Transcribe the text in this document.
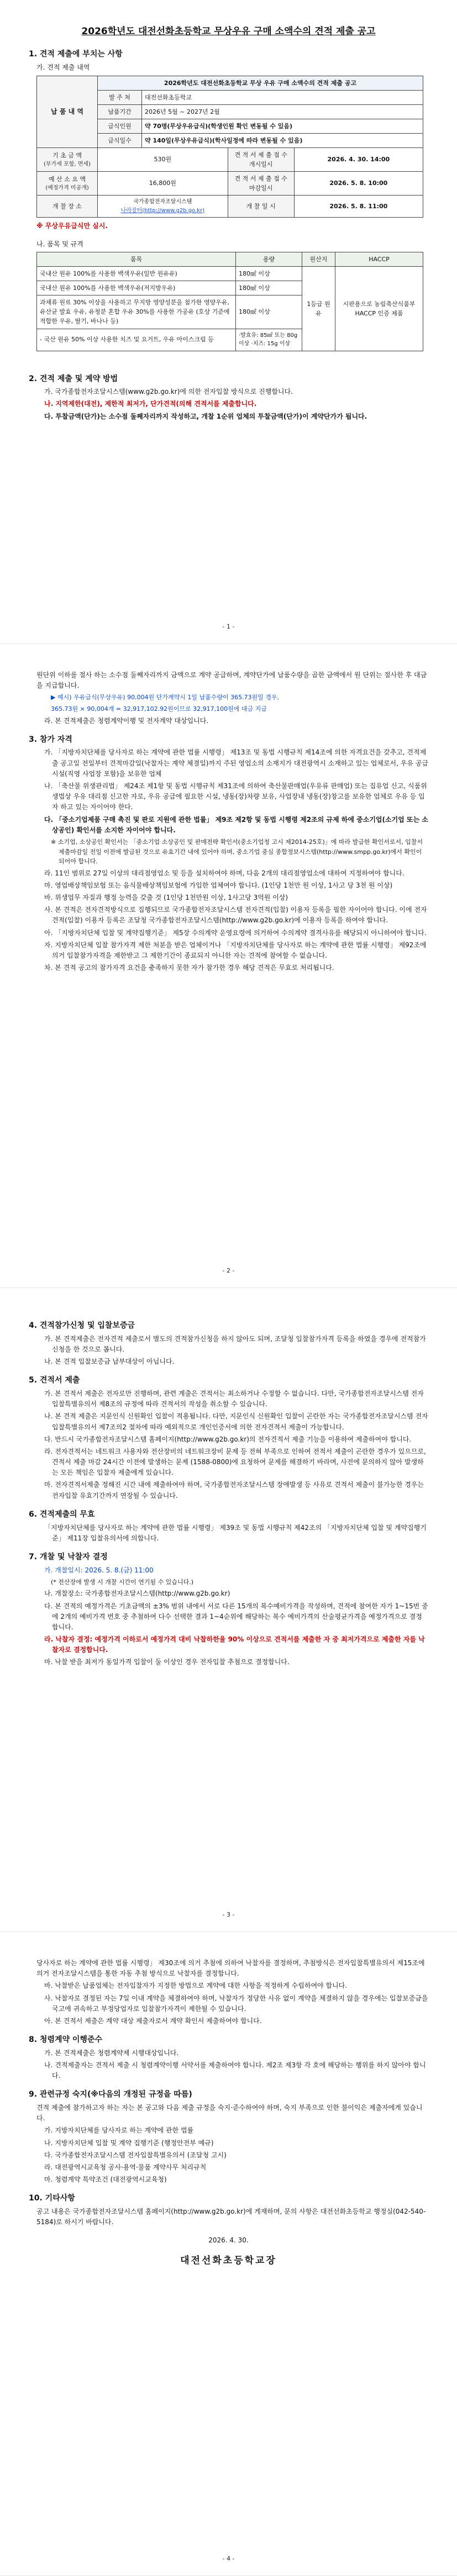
2026학년도 대전선화초등학교 무상우유 구매 소액수의 견적 제출 공고
1. 견적 제출에 부치는 사항
가. 견적 제출 내역
납 품 내 역	2026학년도 대전선화초등학교 무상 우유 구매 소액수의 견적 제출 공고			
	발 주 처	대전선화초등학교		
	납품기간	2026년 5월 ~ 2027년 2월		
	급식인원	약 70명(무상우유급식)(학생인원 확인 변동될 수 있음)		
	급식일수	약 140일(무상우유급식)(학사일정에 따라 변동될 수 있음)		

기 초 금 액
(부가세 포함, 면세)	530원		견 적 서 제 출 접 수 개시일시	2026. 4. 30. 14:00

예 산 소 요 액
(예정가격 미공개)	16,800원		견 적 서 제 출 접 수 마감일시	2026. 5. 8. 10:00
개 찰 장 소	국가종합전자조달시스템
나라장터(http://www.g2b.go.kr)		개 찰 일 시	2026. 5. 8. 11:00
※ 무상우유급식만 실시.
나. 품목 및 규격
품목	용량	원산지	HACCP
국내산 원유 100%를 사용한 백색우유(일반 원유유)	180㎖ 이상	1등급 원유	시판용으로 농림축산식품부 HACCP 인증 제품
국내산 원유 100%를 사용한 백색우유(저지방우유)	180㎖ 이상		
과채류 원료 30% 이상을 사용하고 무지방 영양성분을 첨가한 영양우유, 유산균 발효 우유, 유청분 혼합 우유 30%를 사용한 가공유 (호상 기준에 적합한 우유, 딸기, 바나나 등)	180㎖ 이상		
- 국산 원유 50% 이상 사용한 치즈 및 요거트, 우유 아이스크림 등	·발효유: 85㎖ 또는 80g 이상 ·치즈: 15g 이상		
2. 견적 제출 및 계약 방법
가. 국가종합전자조달시스템(www.g2b.go.kr)에 의한 전자입찰 방식으로 진행합니다.
나. 지역제한(대전), 제한적 최저가, 단가견적(의해 견적서를 제출합니다.
다. 투찰금액(단가)는 소수점 둘째자리까지 작성하고, 개찰 1순위 업체의 투찰금액(단가)이 계약단가가 됩니다.
- 1 -
원단위 이하를 절사 하는 소수점 둘째자리까지 금액으로 계약 공급하며, 계약단가에 납품수량을 곱한 금액에서 원 단위는 절사한 후 대금을 지급합니다.
▶ 예시) 우유급식(무상우유) 90,004원 단가계약시 1일 납품수량이 365.73원일 경우,
365.73원 × 90,004개 = 32,917,102.92원이므로 32,917,100원에 대금 지급
라. 본 견적제출은 청렴계약이행 및 전자계약 대상입니다.
3. 참가 자격
가. 「지방자치단체를 당사자로 하는 계약에 관한 법률 시행령」 제13조 및 동법 시행규칙 제14조에 의한 자격요건을 갖추고, 견적제출 공고일 전일부터 견적마감일(낙찰자는 계약 체결일)까지 주된 영업소의 소재지가 대전광역시 소재하고 있는 업체로서, 우유 공급 시설(직영 사업장 포함)을 보유한 업체
나. 「축산물 위생관리법」 제24조 제1항 및 동법 시행규칙 제31조에 의하여 축산물판매업(우유류 판매업) 또는 집유업 신고, 식품위생법상 우유 대리점 신고한 자로, 우유 공급에 필요한 시설, 냉동(장)차량 보유, 사업장내 냉동(장)창고를 보유한 업체로 우유 등 입자 하고 있는 자이어야 한다.
다. 「중소기업제품 구매 촉진 및 판로 지원에 관한 법률」 제9조 제2항 및 동법 시행령 제2조의 규제 하에 중소기업(소기업 또는 소상공인) 확인서를 소지한 자이어야 합니다.
※ 소기업, 소상공인 확인서는 「중소기업 소상공인 및 판매전략 확인서(중소기업청 고시 제2014-25호)」에 따라 발급한 확인서로서, 입찰서 제출마감일 전일 이전에 발급된 것으로 유효기간 내에 있어야 하며, 중소기업 중심 종합정보시스템(http://www.smpp.go.kr)에서 확인이 되어야 합니다.
라. 11인 범위로 27일 이상의 대리점영업소 및 등을 설치하여야 하며, 다음 2개의 대리점영업소에 대하여 지정하여야 합니다.
마. 영업배상책임보험 또는 음식물배상책임보험에 가입한 업체여야 합니다. (1인당 1천만 원 이상, 1사고 당 3천 원 이상)
바. 위생업무 자질과 행정 능력을 갖출 것 (1인당 1천만원 이상, 1사고당 3억원 이상)
사. 본 견적은 전자견적방식으로 집행되므로 국가종합전자조달시스템 전자견적(입찰) 이용자 등록을 필한 자이어야 합니다. 이에 전자견적(입찰) 이용자 등록은 조달청 국가종합전자조달시스템(http://www.g2b.go.kr)에 이용자 등록을 하여야 합니다.
아. 「지방자치단체 입찰 및 계약집행기준」 제5장 수의계약 운영요령에 의거하여 수의계약 결격사유를 해당되지 아니하여야 합니다.
자. 지방자치단체 입찰 참가자격 제한 처분을 받은 업체이거나 「지방자치단체를 당사자로 하는 계약에 관한 법률 시행령」 제92조에 의거 입찰참가자격을 제한받고 그 제한기간이 종료되지 아니한 자는 견적에 참여할 수 없습니다.
차. 본 견적 공고의 참가자격 요건을 충족하지 못한 자가 참가한 경우 해당 견적은 무효로 처리됩니다.
- 2 -
4. 견적참가신청 및 입찰보증금
가. 본 견적제출은 전자견적 제출로서 별도의 견적참가신청을 하지 않아도 되며, 조달청 입찰참가자격 등록을 하였을 경우에 전적참가 신청을 한 것으로 봅니다.
나. 본 견적 입찰보증금 납부대상이 아닙니다.
5. 견적서 제출
가. 본 견적서 제출은 전자로만 진행하며, 관련 계출은 견적서는 최소하거나 수정할 수 없습니다. 다만, 국가종합전자조달시스템 전자입찰특별유의서 제8조의 규정에 따라 견적서의 작성을 취소할 수 있습니다.
나. 본 견적 제출은 지문인식 신원확인 입찰이 적용됩니다. 다만, 지문인식 신원확인 입찰이 곤란한 자는 국가종합전자조달시스템 전자입찰특별유의서 제7조의2 절차에 따라 예외적으로 개인인증서에 의한 전자견적서 제출이 가능합니다.
다. 반드시 국가종합전자조달시스템 홈페이지(http://www.g2b.go.kr)의 전자견적서 제출 기능을 이용하여 제출하여야 합니다.
라. 전자견적서는 네트워크 사용자와 전산장비의 네트워크장비 문제 등 전혀 부족으로 인하여 전적서 제출이 곤란한 경우가 있으므로, 견적서 제출 마감 24시간 이전에 발생하는 문제 (1588-0800)에 요청하여 문제를 해결하기 바라며, 사전에 문의하지 않아 발생하는 모든 책임은 입찰자 제출에게 있습니다.
마. 전자견적서제출 정해진 시간 내에 제출하여야 하며, 국가종합전자조달시스템 장애발생 등 사유로 견적서 제출이 불가능한 경우는 전자입찰 유효기간까지 연장될 수 있습니다.
6. 견적제출의 무효
「지방자치단체를 당사자로 하는 계약에 관한 법률 시행령」 제39조 및 동법 시행규칙 제42조의 「지방자치단체 입찰 및 계약집행기준」 제11장 입찰유의서에 의합니다.
7. 개찰 및 낙찰자 결정
가. 개찰일시: 2026. 5. 8.(금) 11:00
(* 전산장애 발생 시 개찰 시간이 연기될 수 있습니다.)
나. 개찰장소: 국가종합전자조달시스템(http://www.g2b.go.kr)
다. 본 견적의 예정가격은 기초금액의 ±3% 범위 내에서 서로 다른 15개의 복수예비가격을 작성하며, 견적에 참여한 자가 1~15번 중에 2개의 예비가격 번호 중 추첨하여 다수 선택한 결과 1~4순위에 해당하는 복수 예비가격의 산술평균가격을 예정가격으로 결정합니다.
라. 낙찰자 결정: 예정가격 이하로서 예정가격 대비 낙찰하한율 90% 이상으로 견적서를 제출한 자 중 최저가격으로 제출한 자를 낙찰자로 결정합니다.
마. 낙찰 받을 최저가 동일가격 입찰이 둘 이상인 경우 전자입찰 추첨으로 결정합니다.
- 3 -
당사자로 하는 계약에 관한 법률 시행령」 제30조에 의거 추첨에 의하여 낙찰자를 결정하며, 추첨방식은 전자입찰특별유의서 제15조에 의거 전자조달시스템을 통한 자동 추첨 방식으로 낙찰자를 결정합니다.
바. 낙찰받은 납품업체는 전자입찰자가 지정한 방법으로 계약에 대한 사항을 적정하게 수립하여야 합니다.
사. 낙찰자로 결정된 자는 7일 이내 계약을 체결하여야 하며, 낙찰자가 정당한 사유 없이 계약을 체결하지 않을 경우에는 입찰보증금을 국고에 귀속하고 부정당업자로 입찰참가자격이 제한될 수 있습니다.
아. 본 견적서 제출은 계약 대상 제출자로서 계약 확인서 제출하여야 합니다.
8. 청렴계약 이행준수
가. 본 견적제출은 청렴계약제 시행대상입니다.
나. 견적제출자는 견적서 제출 시 청렴계약이행 서약서를 제출하여야 합니다. 제2조 제3항 각 호에 해당하는 행위를 하지 않아야 합니다.
9. 관련규정 숙지(※다음의 개정된 규정을 따름)
견적 제출에 참가하고자 하는 자는 본 공고와 다음 제출 규정을 숙지·준수하여야 하며, 숙지 부족으로 인한 불이익은 제출자에게 있습니다.
가. 지방자치단체를 당사자로 하는 계약에 관한 법률
나. 지방자치단체 입찰 및 계약 집행기준 (행정안전부 예규)
다. 국가종합전자조달시스템 전자입찰특별유의서 (조달청 고시)
라. 대전광역시교육청 공사·용역·물품 계약사무 처리규칙
마. 청렴계약 특약조건 (대전광역시교육청)
10. 기타사항
공고 내용은 국가종합전자조달시스템 홈페이지(http://www.g2b.go.kr)에 게재하며, 문의 사항은 대전선화초등학교 행정실(042-540-5184)로 하시기 바랍니다.
2026. 4. 30.
대전선화초등학교장
- 4 -
